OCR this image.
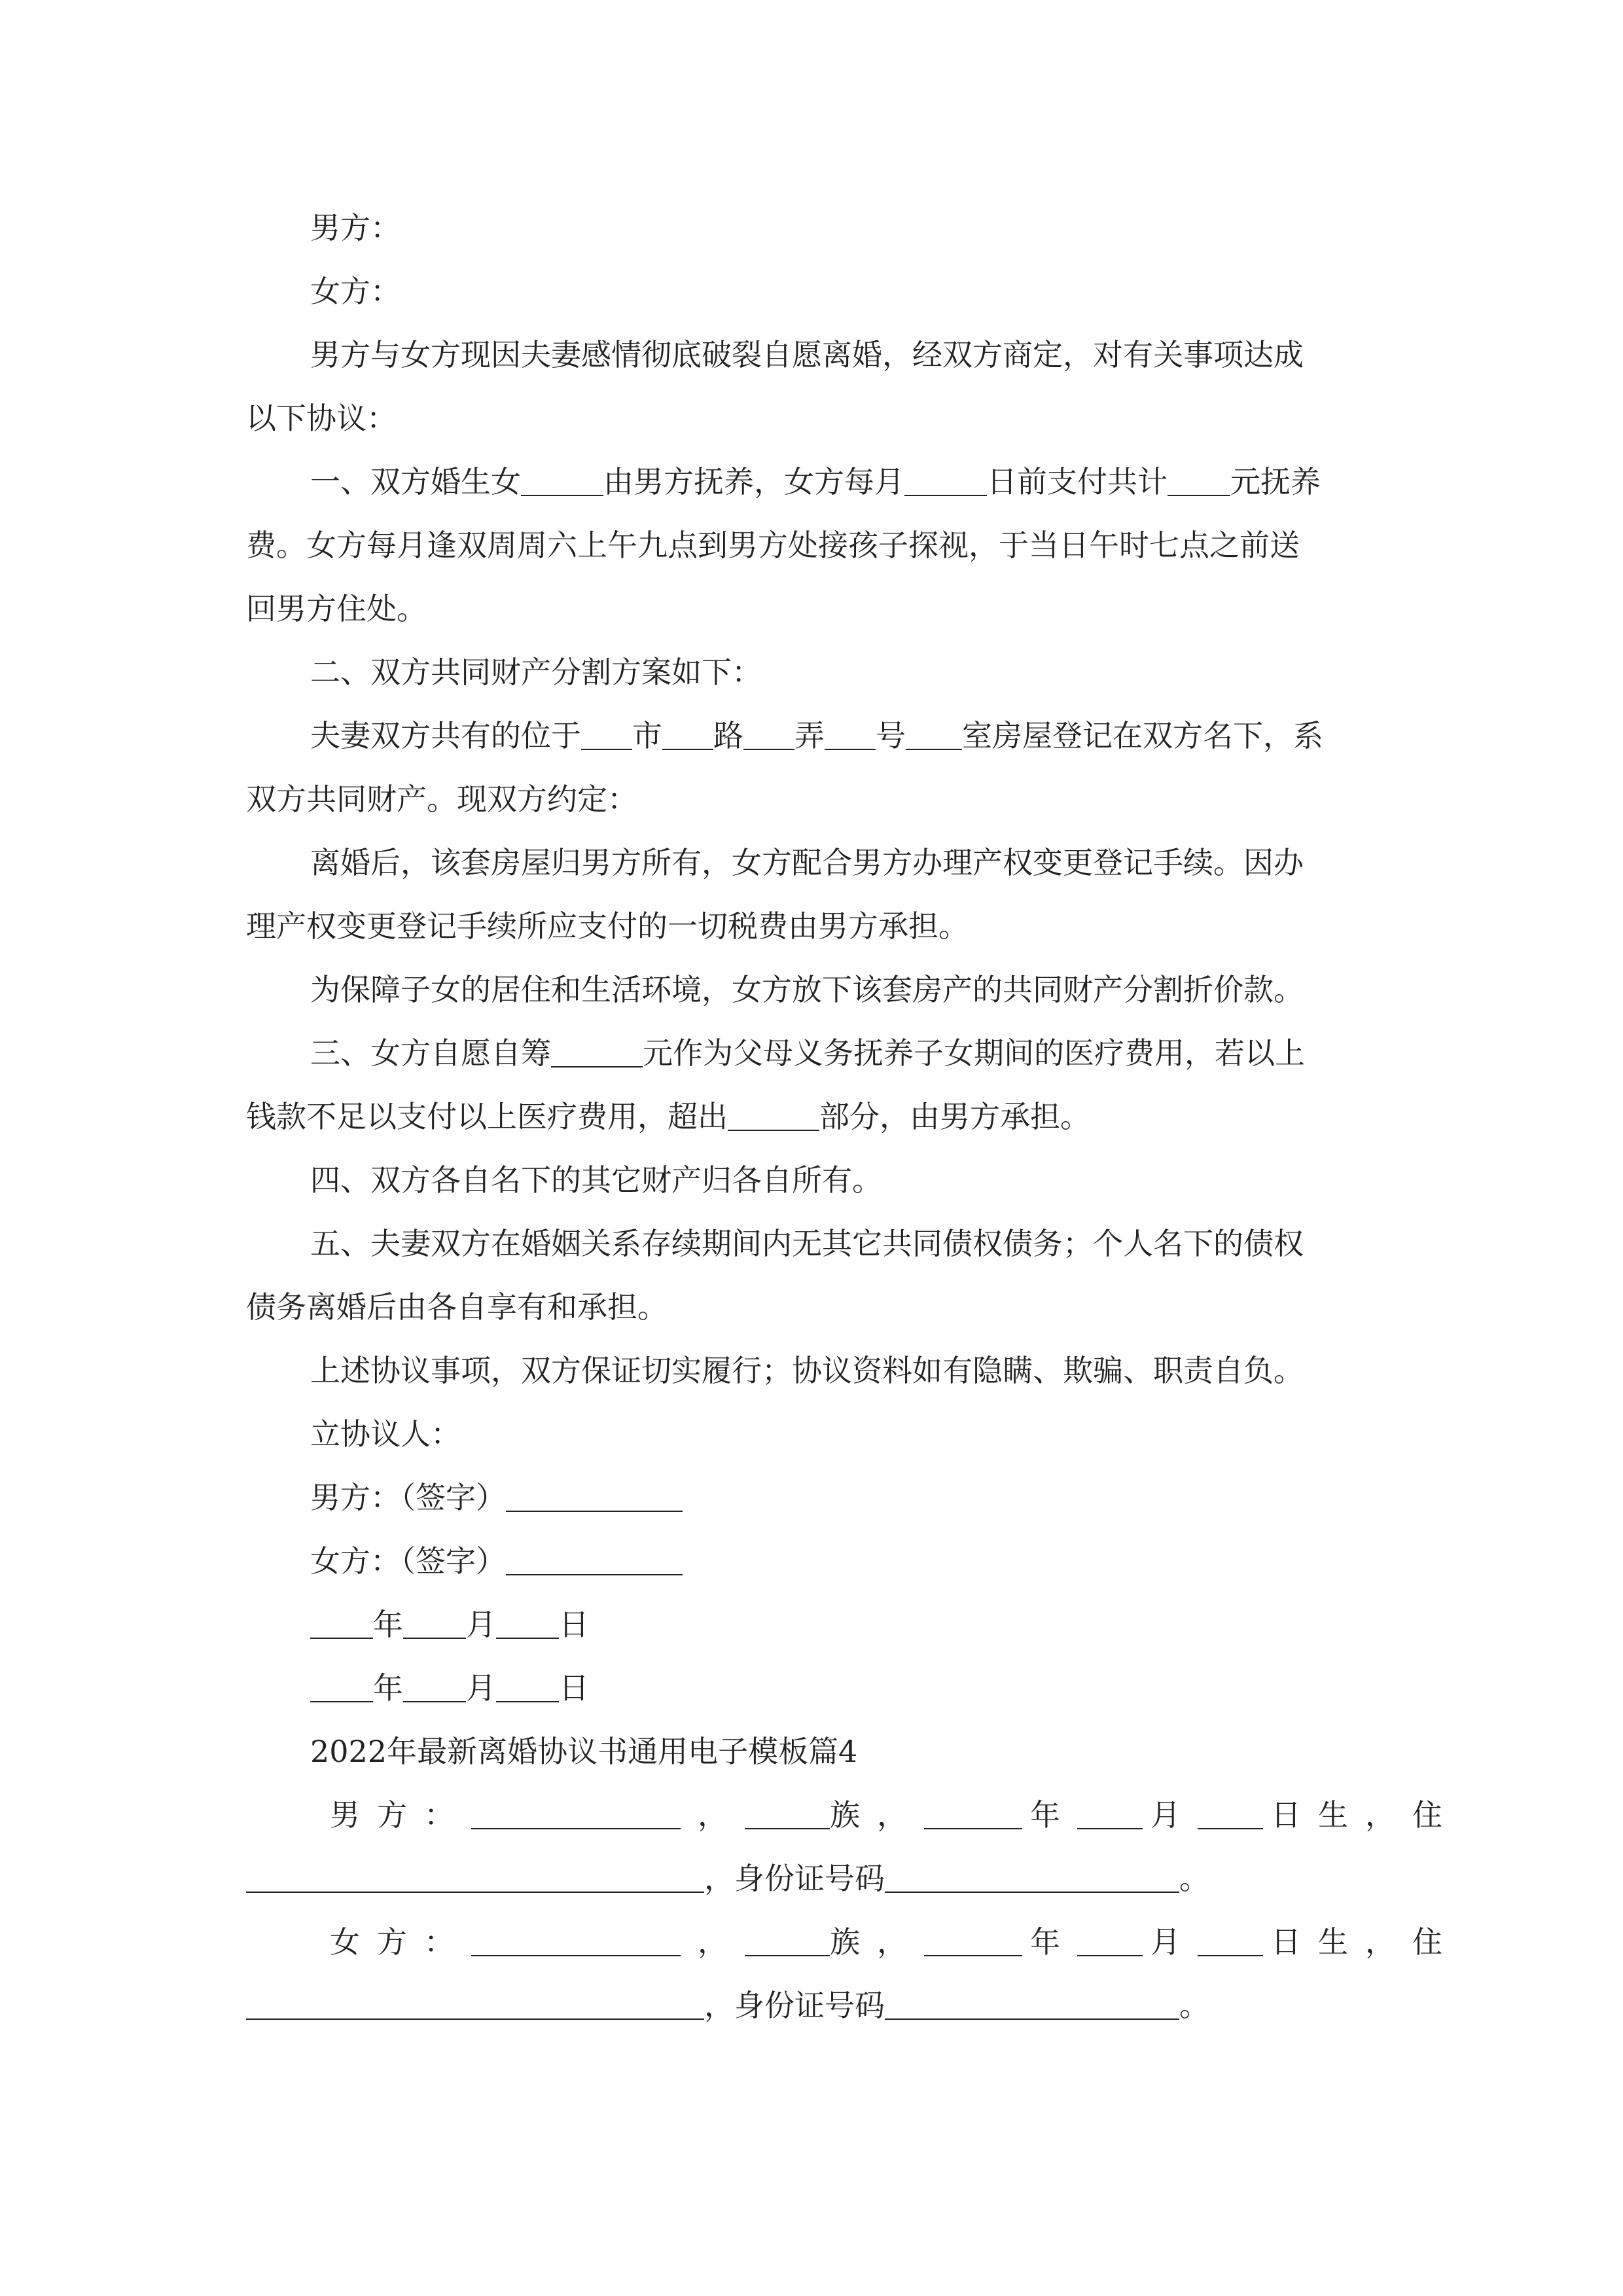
男方：

女方：

男方与女方现因夫妻感情彻底破裂自愿离婚，经双方商定，对有关事项达成

以下协议：

一、双方婚生女	由男方抚养，女方每月	日前支付共计 元抚养

费。女方每月逢双周周六上午九点到男方处接孩子探视，于当日午时七点之前送

回男方住处。

二、双方共同财产分割方案如下：

夫妻双方共有的位于 市 路 弄 号 室房屋登记在双方名下，系

双方共同财产。现双方约定：

离婚后，该套房屋归男方所有，女方配合男方办理产权变更登记手续。因办

理产权变更登记手续所应支付的一切税费由男方承担。

为保障子女的居住和生活环境，女方放下该套房产的共同财产分割折价款。

三、女方自愿自筹	元作为父母义务抚养子女期间的医疗费用，若以上

钱款不足以支付以上医疗费用，超出	部分，由男方承担。

四、双方各自名下的其它财产归各自所有。

五、夫妻双方在婚姻关系存续期间内无其它共同债权债务；个人名下的债权

债务离婚后由各自享有和承担。

上述协议事项，双方保证切实履行；协议资料如有隐瞒、欺骗、职责自负。

立协议人：

男方：（签字）

女方：（签字）

年 月 日

年 月 日

2022年最新离婚协议书通用电子模板篇4

男方：	，	族，	年 月 日生，住

，身份证号码	。

女方：	，	族，	年 月 日生，住

，身份证号码	。
